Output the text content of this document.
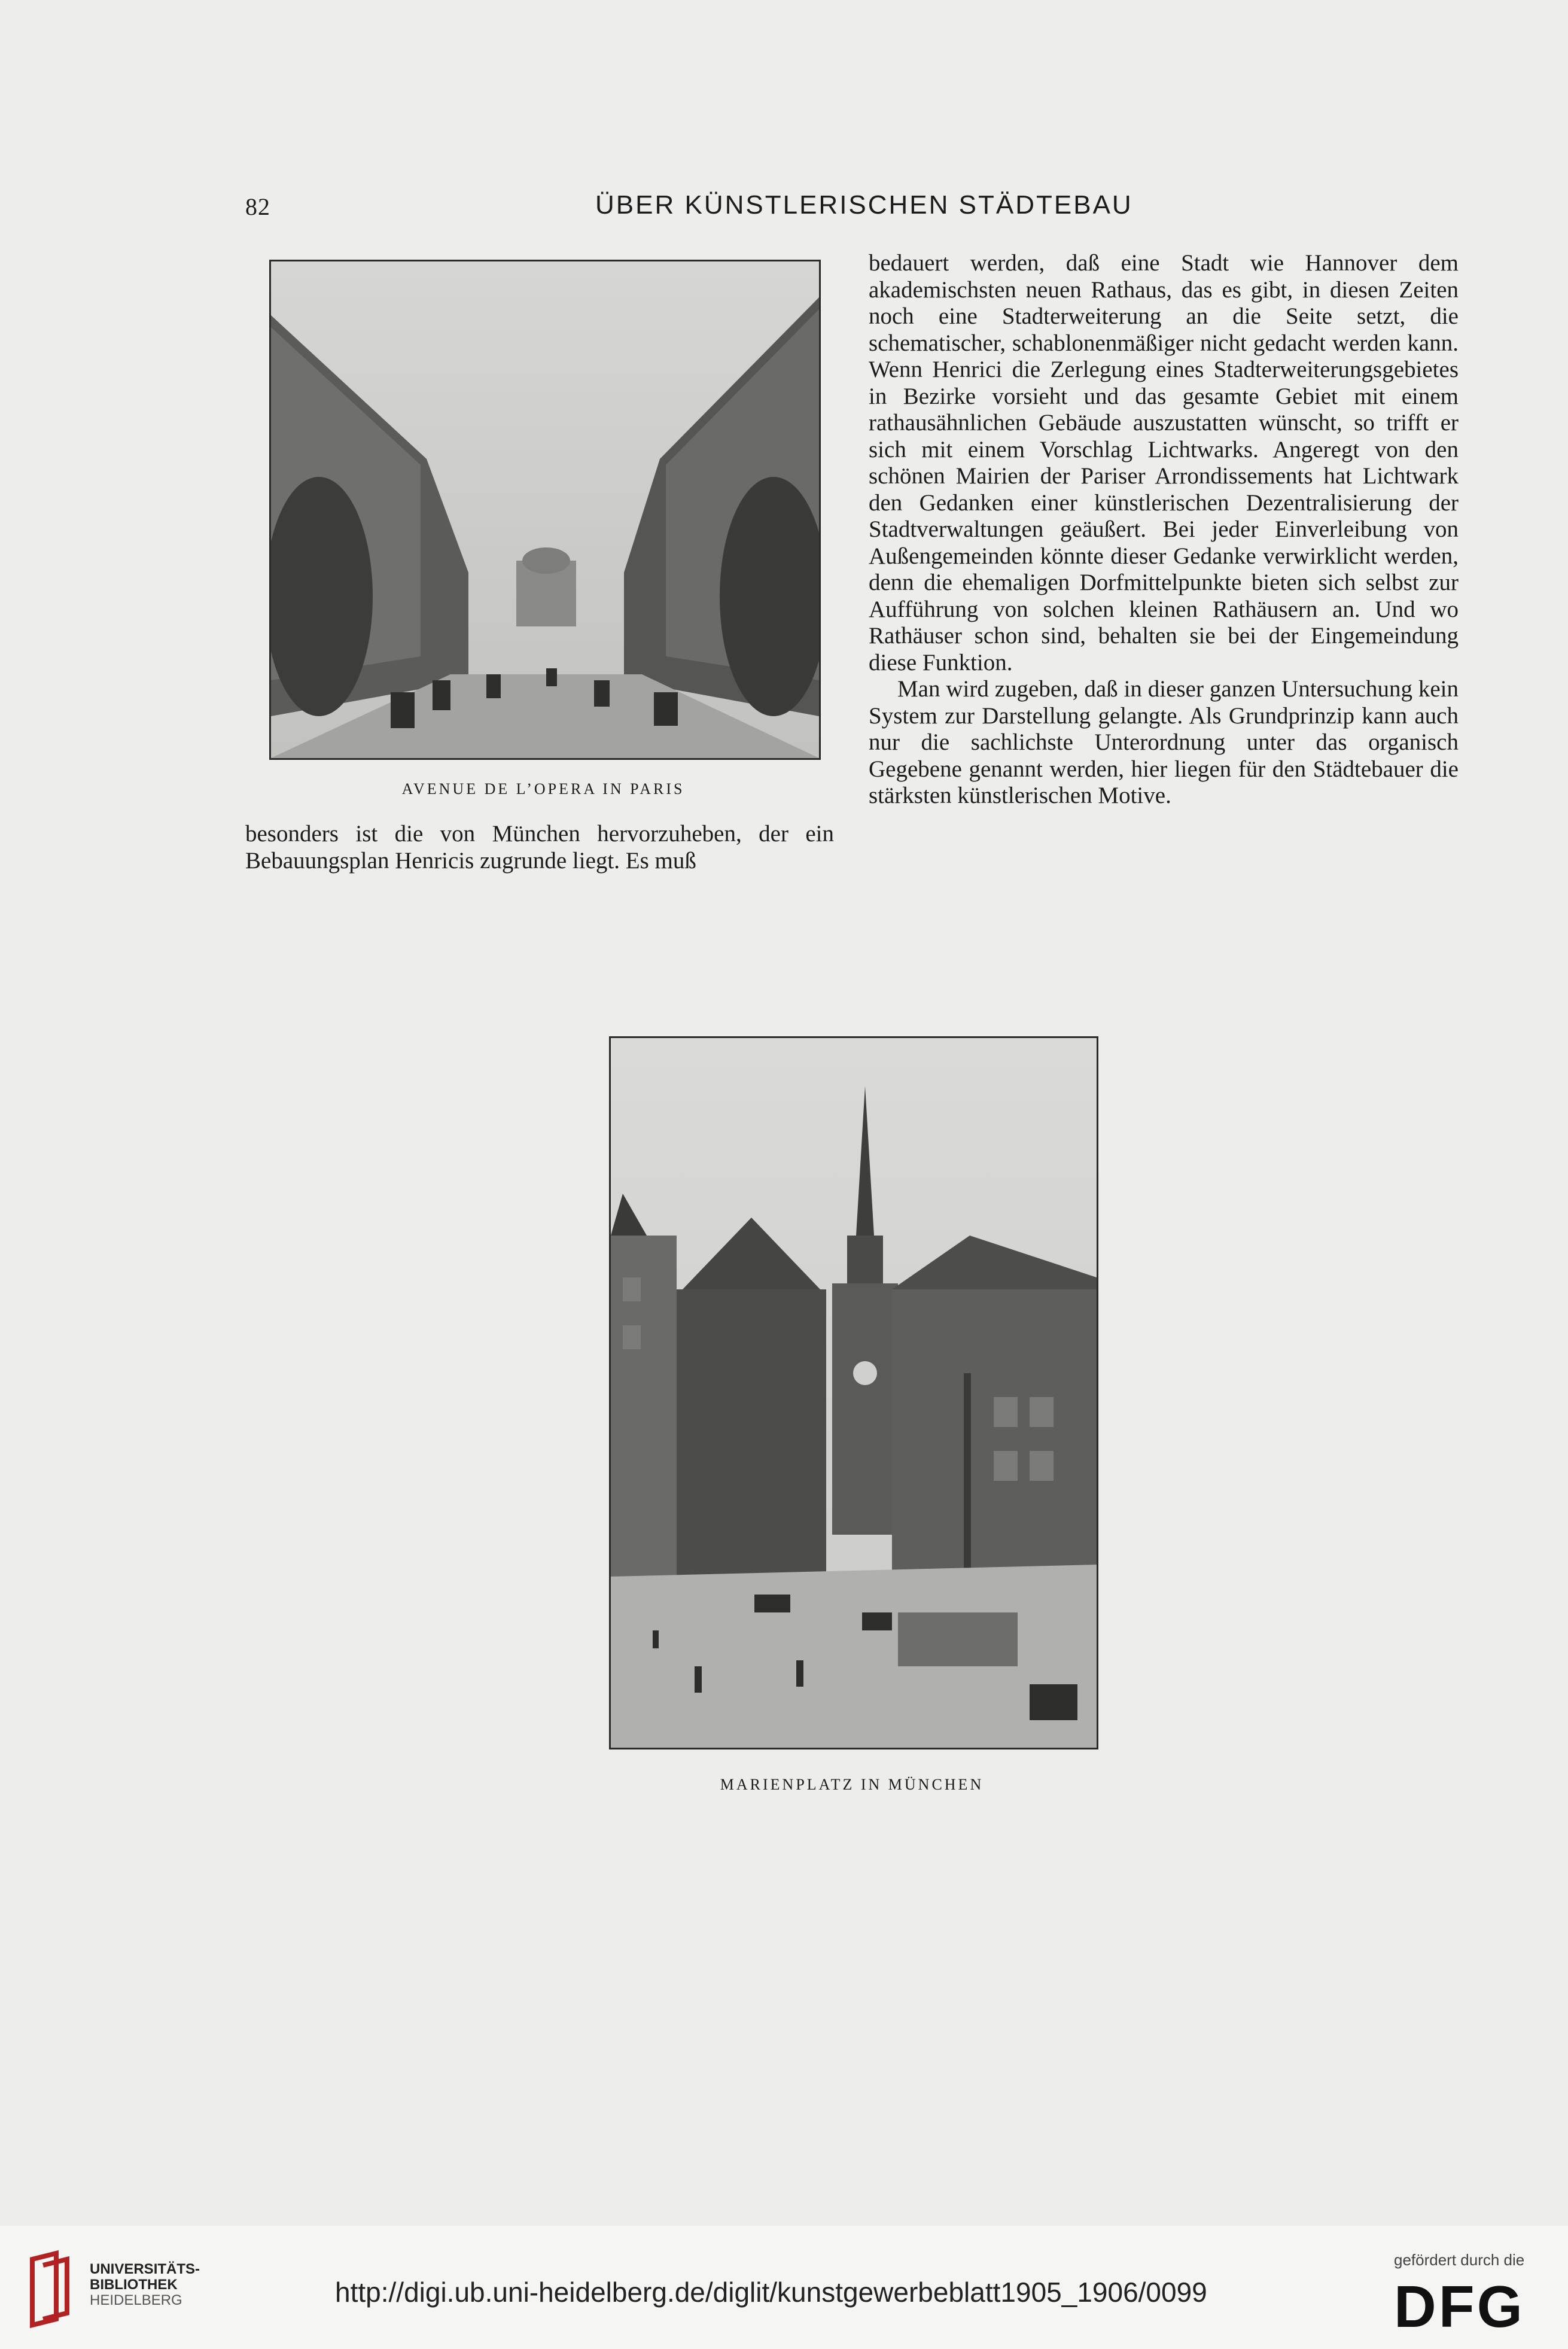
82	ÜBER KÜNSTLERISCHEN STÄDTEBAU
AVENUE DE L’OPERA IN PARIS

bedauert werden, daß eine Stadt wie Hannover dem akademischsten neuen Rathaus, das es gibt, in diesen Zeiten noch eine Stadterweiterung an die Seite setzt, die schematischer, schablonenmäßiger nicht gedacht werden kann. Wenn Henrici die Zerlegung eines Stadterweiterungsgebietes in Bezirke vorsieht und das gesamte Gebiet mit einem rathausähnlichen Gebäude auszustatten wünscht, so trifft er sich mit einem Vorschlag Lichtwarks. Angeregt von den schönen Mairien der Pariser Arrondissements hat Lichtwark den Gedanken einer künstlerischen Dezentralisierung der Stadtverwaltungen geäußert. Bei jeder Einverleibung von Außengemeinden könnte dieser Gedanke verwirklicht werden, denn die ehemaligen Dorfmittelpunkte bieten sich selbst zur Aufführung von solchen kleinen Rathäusern an. Und wo Rathäuser schon sind, behalten sie bei der Eingemeindung diese Funktion.

Man wird zugeben, daß in dieser ganzen Untersuchung kein System zur Darstellung gelangte. Als Grundprinzip kann auch nur die sachlichste Unterordnung unter das organisch Gegebene genannt werden, hier liegen für den Städtebauer die stärksten künstlerischen Motive.

besonders ist die von München hervorzuheben, der ein Bebauungsplan Henricis zugrunde liegt. Es muß

MARIENPLATZ IN MÜNCHEN
UNIVERSITÄTS-
BIBLIOTHEK
HEIDELBERG	http://digi.ub.uni-heidelberg.de/diglit/kunstgewerbeblatt1905_1906/0099
gefördert durch die
DFG
